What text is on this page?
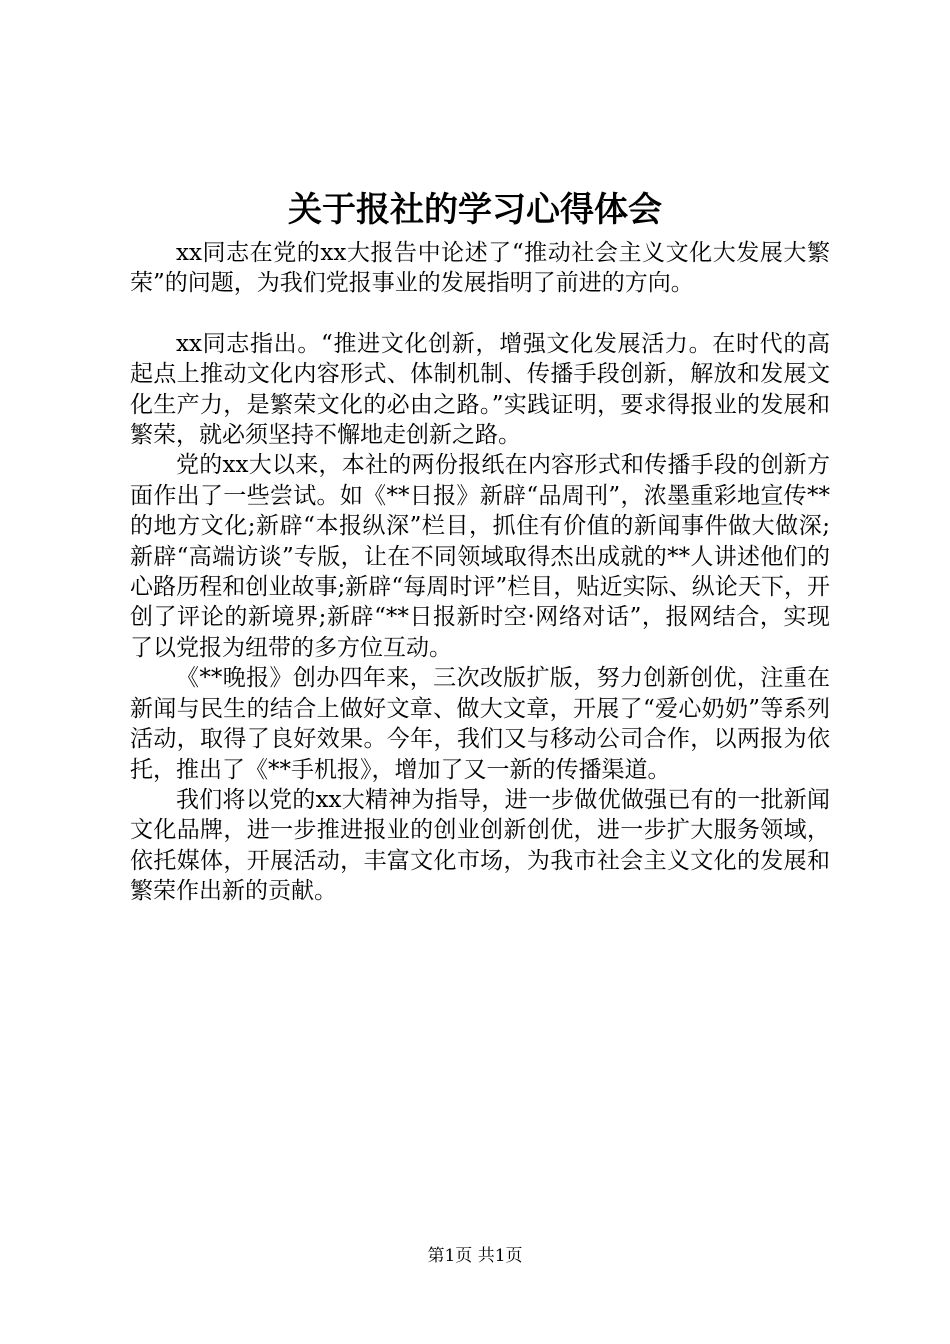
关于报社的学习心得体会

xx同志在党的xx大报告中论述了“推动社会主义文化大发展大繁荣”的问题，为我们党报事业的发展指明了前进的方向。

xx同志指出。“推进文化创新，增强文化发展活力。在时代的高起点上推动文化内容形式、体制机制、传播手段创新，解放和发展文化生产力，是繁荣文化的必由之路。”实践证明，要求得报业的发展和繁荣，就必须坚持不懈地走创新之路。

党的xx大以来，本社的两份报纸在内容形式和传播手段的创新方面作出了一些尝试。如《**日报》新辟“品周刊”，浓墨重彩地宣传**的地方文化;新辟“本报纵深”栏目，抓住有价值的新闻事件做大做深;新辟“高端访谈”专版，让在不同领域取得杰出成就的**人讲述他们的心路历程和创业故事;新辟“每周时评”栏目，贴近实际、纵论天下，开创了评论的新境界;新辟“**日报新时空·网络对话”，报网结合，实现了以党报为纽带的多方位互动。

《**晚报》创办四年来，三次改版扩版，努力创新创优，注重在新闻与民生的结合上做好文章、做大文章，开展了“爱心奶奶”等系列活动，取得了良好效果。今年，我们又与移动公司合作，以两报为依托，推出了《**手机报》，增加了又一新的传播渠道。

我们将以党的xx大精神为指导，进一步做优做强已有的一批新闻文化品牌，进一步推进报业的创业创新创优，进一步扩大服务领域，依托媒体，开展活动，丰富文化市场，为我市社会主义文化的发展和繁荣作出新的贡献。

第1页 共1页
